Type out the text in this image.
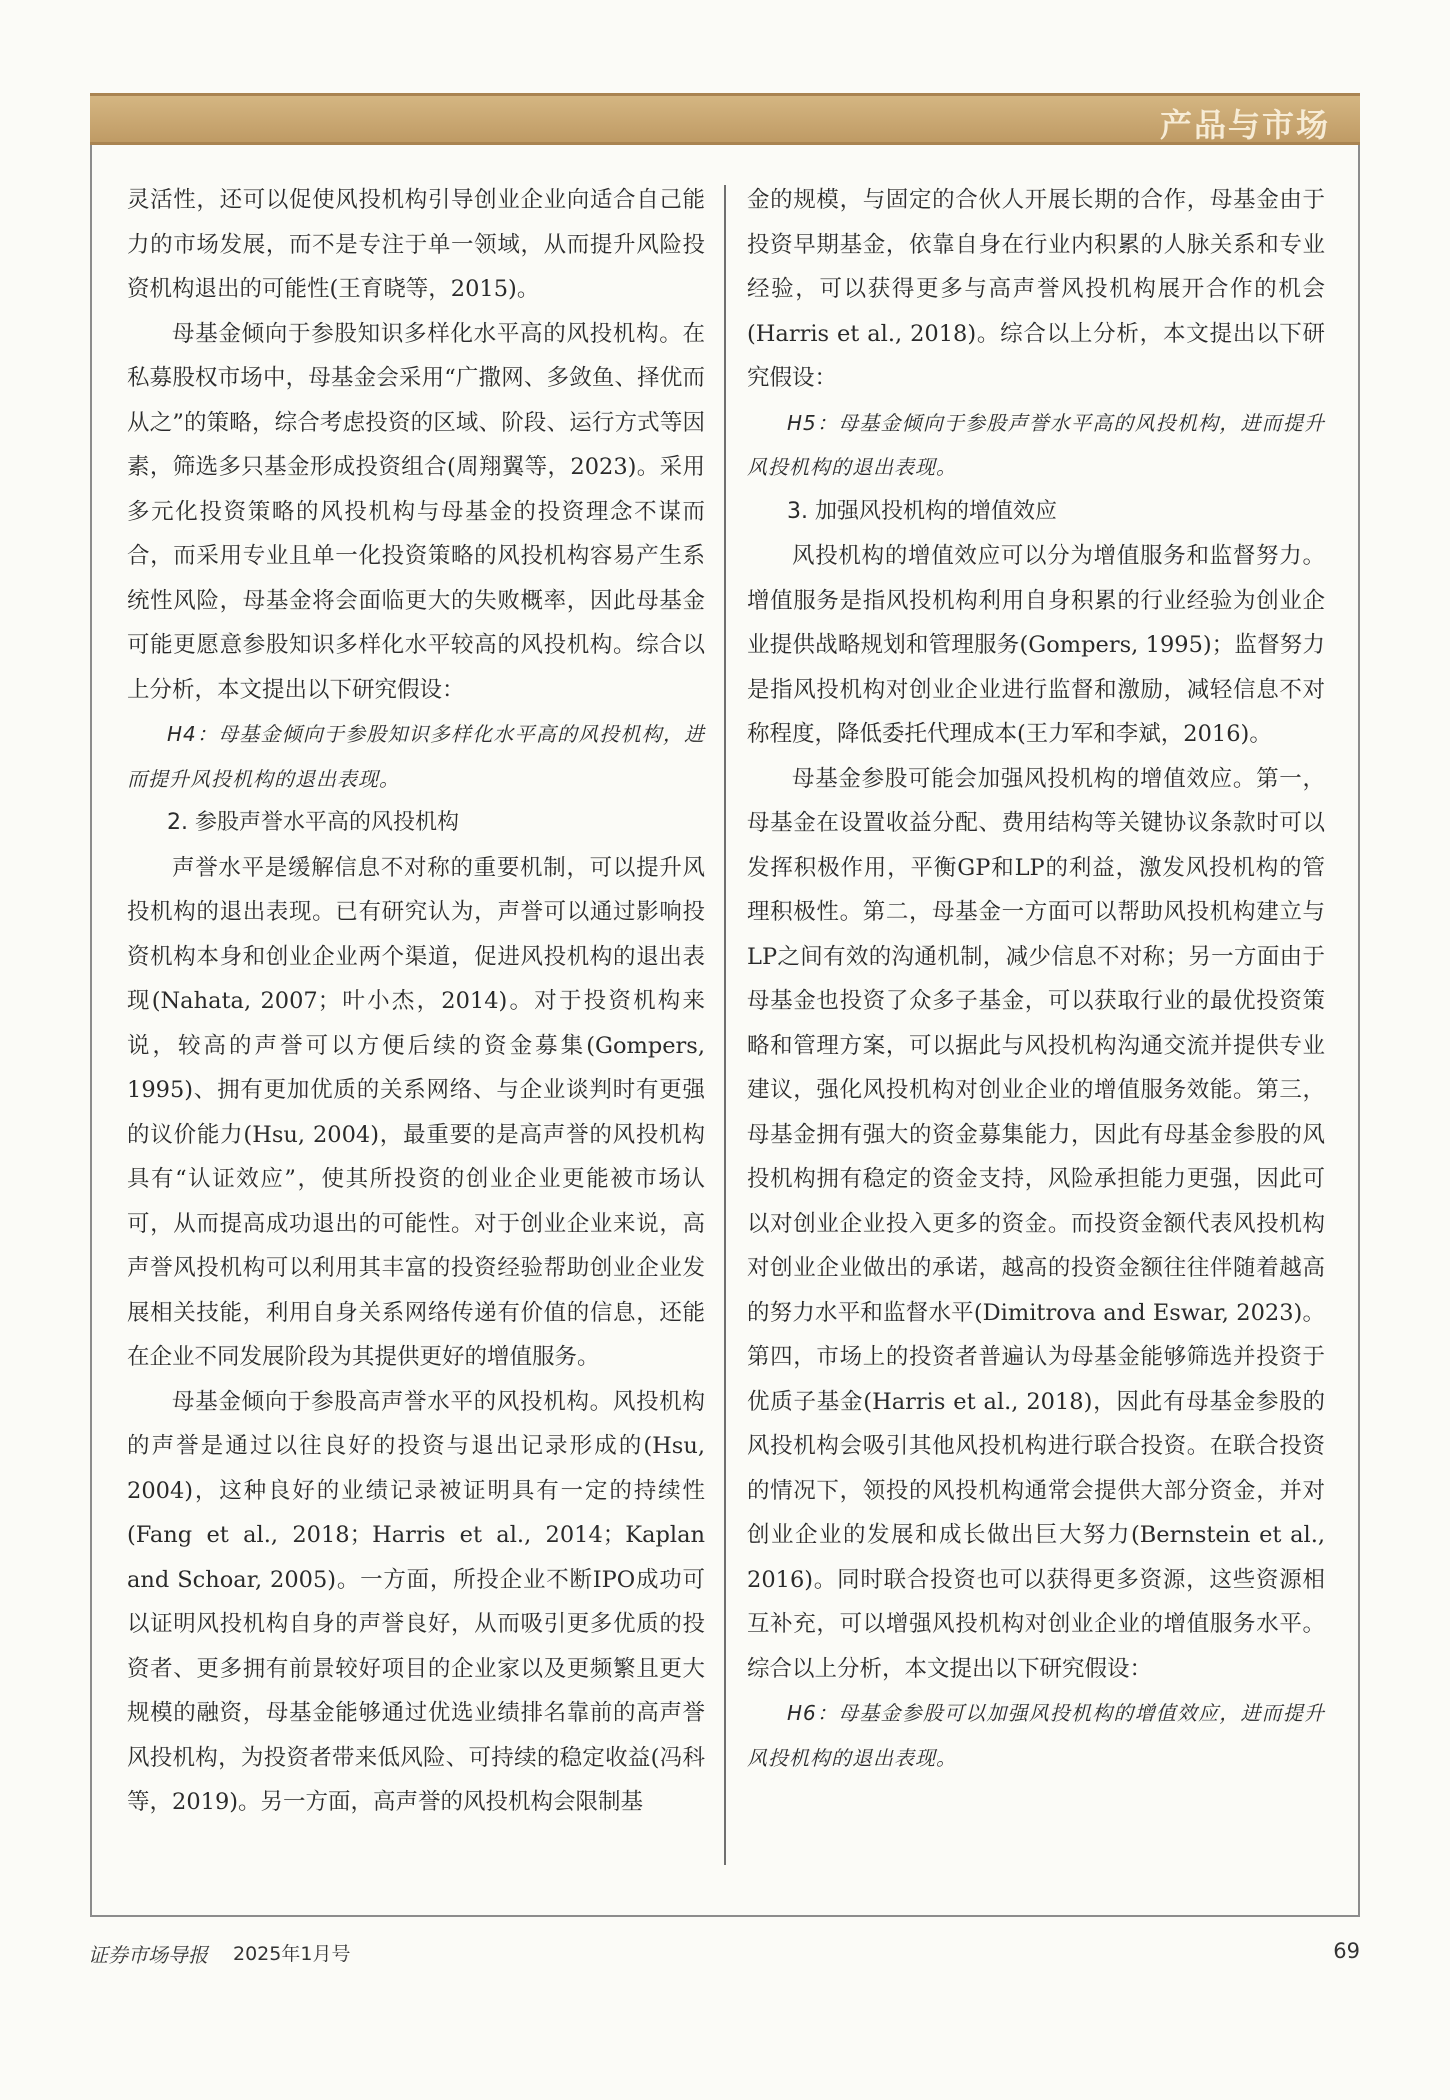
产品与市场

灵活性，还可以促使风投机构引导创业企业向适合自己能力的市场发展，而不是专注于单一领域，从而提升风险投资机构退出的可能性(王育晓等，2015)。

母基金倾向于参股知识多样化水平高的风投机构。在私募股权市场中，母基金会采用“广撒网、多敛鱼、择优而从之”的策略，综合考虑投资的区域、阶段、运行方式等因素，筛选多只基金形成投资组合(周翔翼等，2023)。采用多元化投资策略的风投机构与母基金的投资理念不谋而合，而采用专业且单一化投资策略的风投机构容易产生系统性风险，母基金将会面临更大的失败概率，因此母基金可能更愿意参股知识多样化水平较高的风投机构。综合以上分析，本文提出以下研究假设：

H4：母基金倾向于参股知识多样化水平高的风投机构，进而提升风投机构的退出表现。

2. 参股声誉水平高的风投机构

声誉水平是缓解信息不对称的重要机制，可以提升风投机构的退出表现。已有研究认为，声誉可以通过影响投资机构本身和创业企业两个渠道，促进风投机构的退出表现(Nahata, 2007；叶小杰，2014)。对于投资机构来说，较高的声誉可以方便后续的资金募集(Gompers, 1995)、拥有更加优质的关系网络、与企业谈判时有更强的议价能力(Hsu, 2004)，最重要的是高声誉的风投机构具有“认证效应”，使其所投资的创业企业更能被市场认可，从而提高成功退出的可能性。对于创业企业来说，高声誉风投机构可以利用其丰富的投资经验帮助创业企业发展相关技能，利用自身关系网络传递有价值的信息，还能在企业不同发展阶段为其提供更好的增值服务。

母基金倾向于参股高声誉水平的风投机构。风投机构的声誉是通过以往良好的投资与退出记录形成的(Hsu, 2004)，这种良好的业绩记录被证明具有一定的持续性(Fang et al., 2018；Harris et al., 2014；Kaplan and Schoar, 2005)。一方面，所投企业不断IPO成功可以证明风投机构自身的声誉良好，从而吸引更多优质的投资者、更多拥有前景较好项目的企业家以及更频繁且更大规模的融资，母基金能够通过优选业绩排名靠前的高声誉风投机构，为投资者带来低风险、可持续的稳定收益(冯科等，2019)。另一方面，高声誉的风投机构会限制基

金的规模，与固定的合伙人开展长期的合作，母基金由于投资早期基金，依靠自身在行业内积累的人脉关系和专业经验，可以获得更多与高声誉风投机构展开合作的机会(Harris et al., 2018)。综合以上分析，本文提出以下研究假设：

H5：母基金倾向于参股声誉水平高的风投机构，进而提升风投机构的退出表现。

3. 加强风投机构的增值效应

风投机构的增值效应可以分为增值服务和监督努力。增值服务是指风投机构利用自身积累的行业经验为创业企业提供战略规划和管理服务(Gompers, 1995)；监督努力是指风投机构对创业企业进行监督和激励，减轻信息不对称程度，降低委托代理成本(王力军和李斌，2016)。

母基金参股可能会加强风投机构的增值效应。第一，母基金在设置收益分配、费用结构等关键协议条款时可以发挥积极作用，平衡GP和LP的利益，激发风投机构的管理积极性。第二，母基金一方面可以帮助风投机构建立与LP之间有效的沟通机制，减少信息不对称；另一方面由于母基金也投资了众多子基金，可以获取行业的最优投资策略和管理方案，可以据此与风投机构沟通交流并提供专业建议，强化风投机构对创业企业的增值服务效能。第三，母基金拥有强大的资金募集能力，因此有母基金参股的风投机构拥有稳定的资金支持，风险承担能力更强，因此可以对创业企业投入更多的资金。而投资金额代表风投机构对创业企业做出的承诺，越高的投资金额往往伴随着越高的努力水平和监督水平(Dimitrova and Eswar, 2023)。第四，市场上的投资者普遍认为母基金能够筛选并投资于优质子基金(Harris et al., 2018)，因此有母基金参股的风投机构会吸引其他风投机构进行联合投资。在联合投资的情况下，领投的风投机构通常会提供大部分资金，并对创业企业的发展和成长做出巨大努力(Bernstein et al., 2016)。同时联合投资也可以获得更多资源，这些资源相互补充，可以增强风投机构对创业企业的增值服务水平。综合以上分析，本文提出以下研究假设：

H6：母基金参股可以加强风投机构的增值效应，进而提升风投机构的退出表现。

证券市场导报 2025年1月号	69
